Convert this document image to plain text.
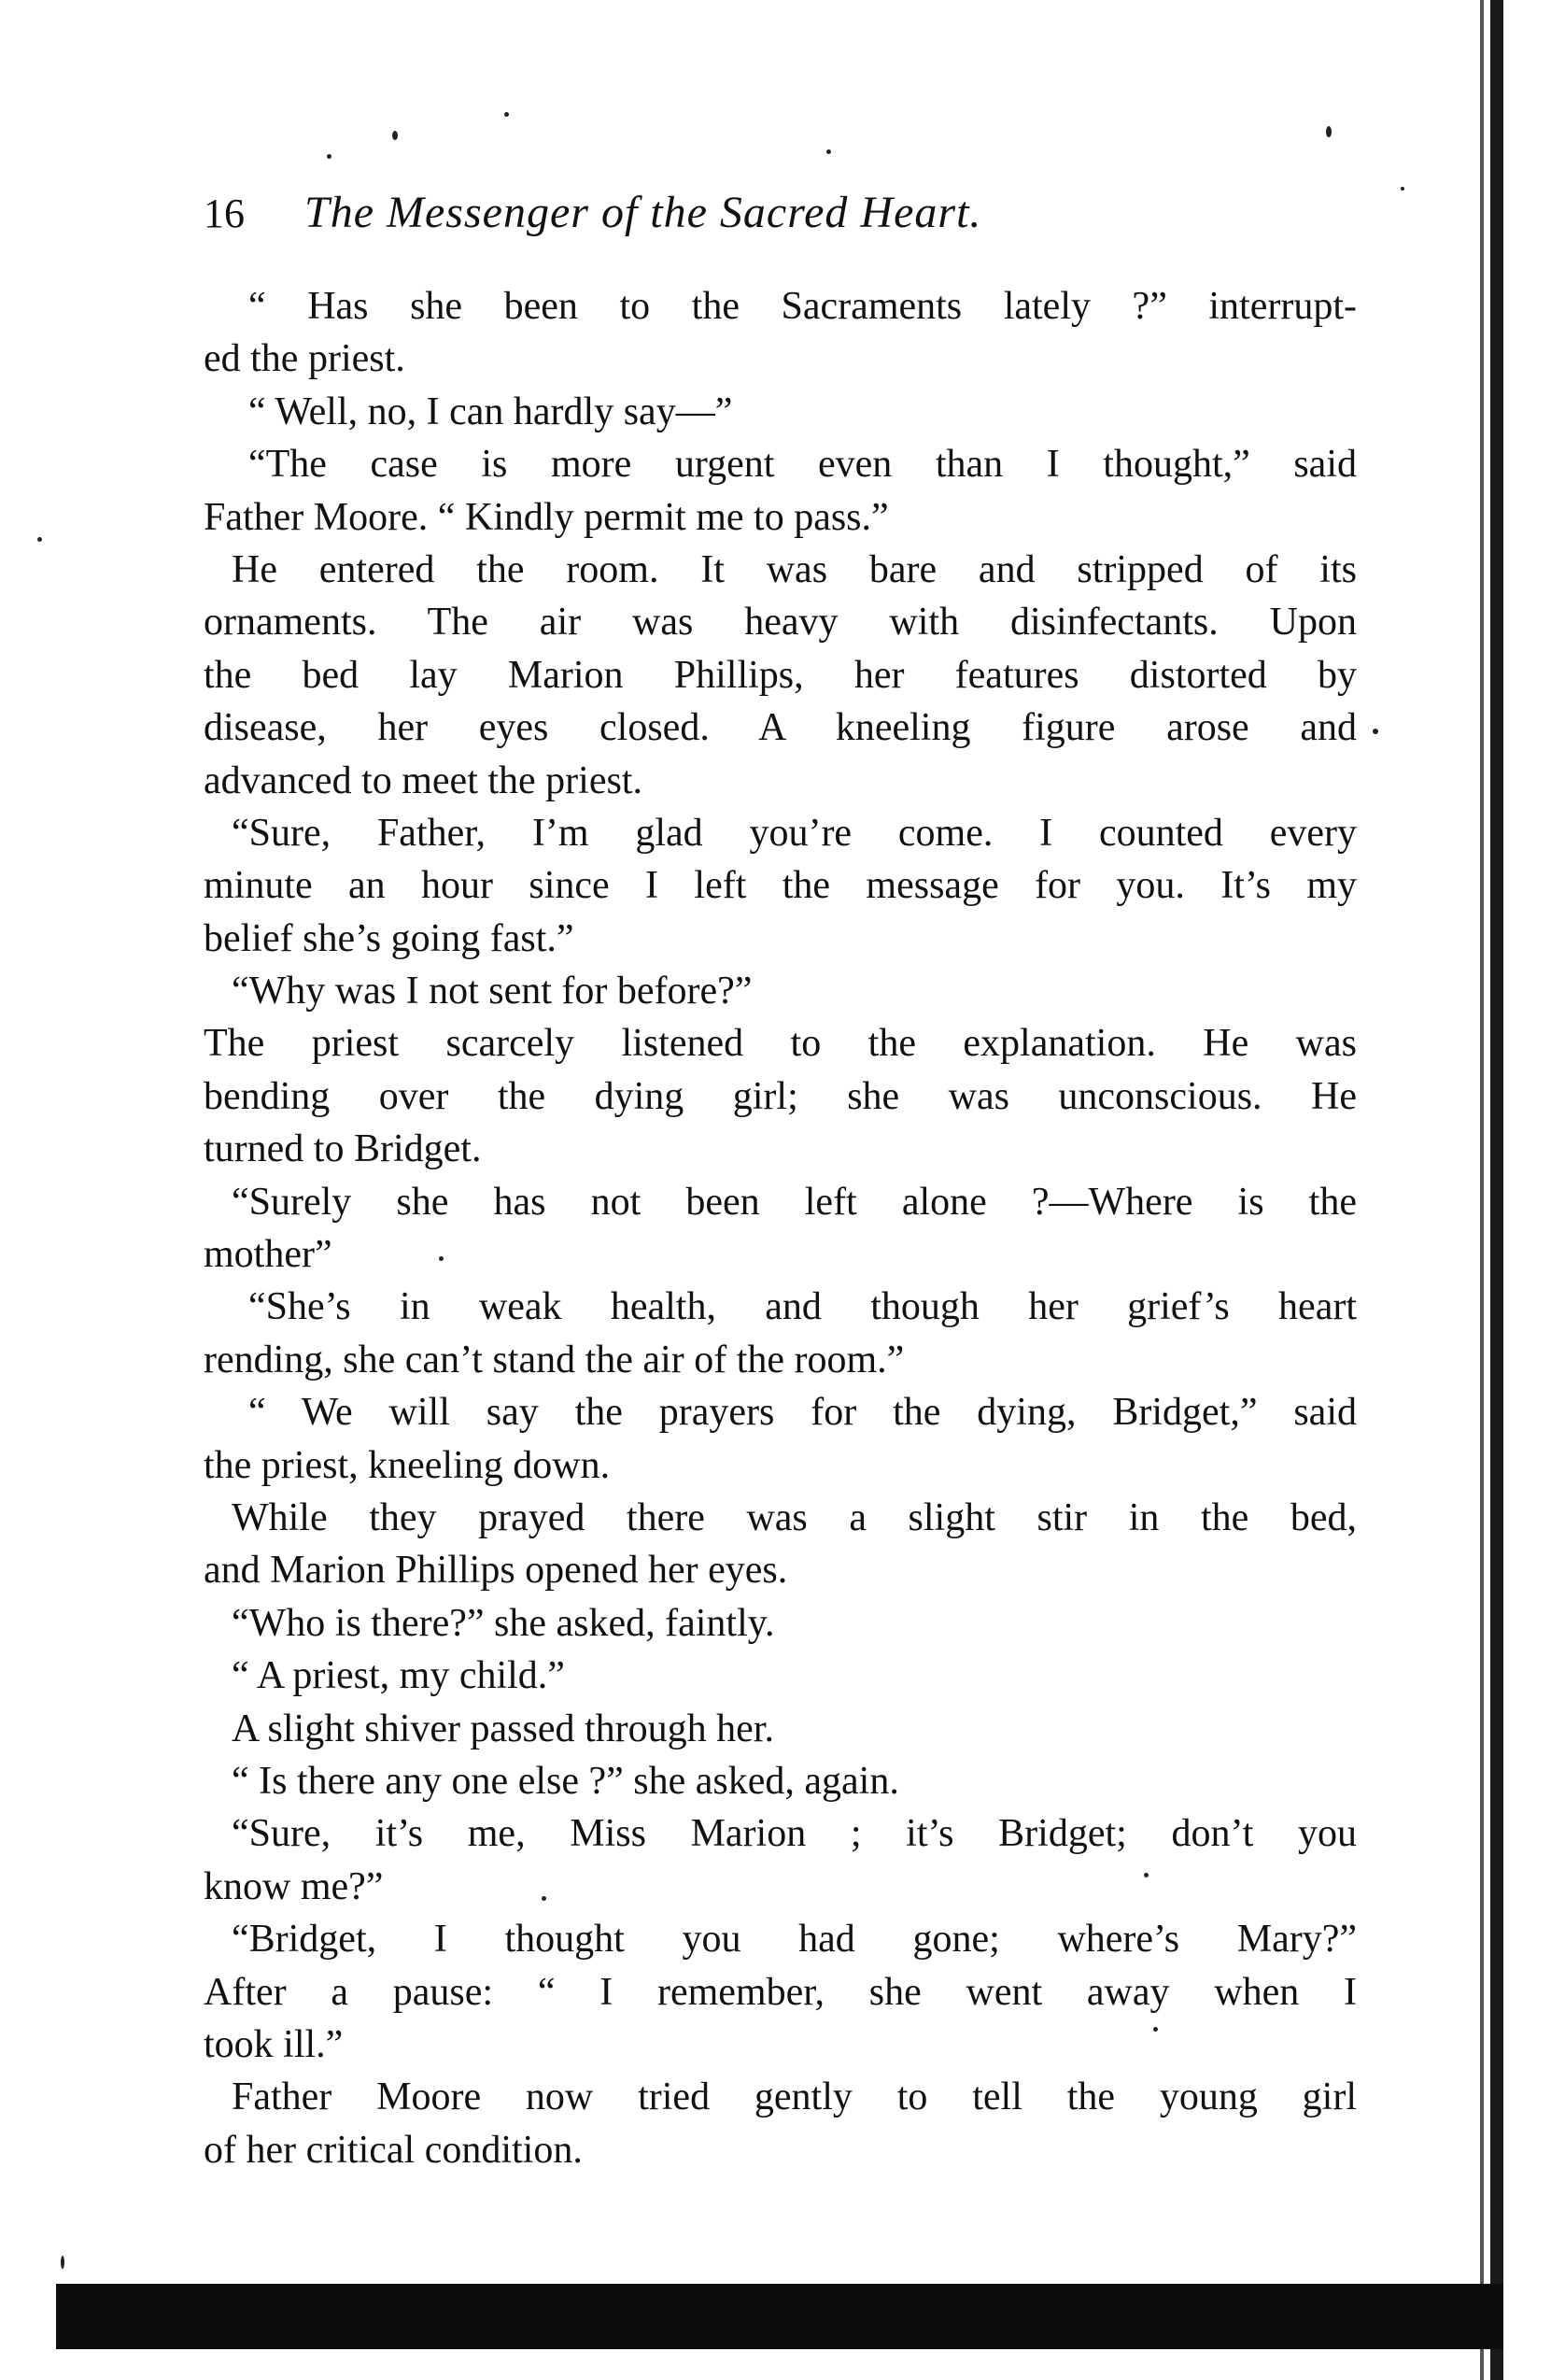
16 The Messenger of the Sacred Heart.
“ Has she been to the Sacraments lately ?” interrupt-
ed the priest.
“ Well, no, I can hardly say—”
“The case is more urgent even than I thought,” said
Father Moore. “ Kindly permit me to pass.”
He entered the room. It was bare and stripped of its
ornaments. The air was heavy with disinfectants. Upon
the bed lay Marion Phillips, her features distorted by
disease, her eyes closed. A kneeling figure arose and
advanced to meet the priest.
“Sure, Father, I’m glad you’re come. I counted every
minute an hour since I left the message for you. It’s my
belief she’s going fast.”
“Why was I not sent for before?”
The priest scarcely listened to the explanation. He was
bending over the dying girl; she was unconscious. He
turned to Bridget.
“Surely she has not been left alone ?—Where is the
mother”
“She’s in weak health, and though her grief’s heart
rending, she can’t stand the air of the room.”
“ We will say the prayers for the dying, Bridget,” said
the priest, kneeling down.
While they prayed there was a slight stir in the bed,
and Marion Phillips opened her eyes.
“Who is there?” she asked, faintly.
“ A priest, my child.”
A slight shiver passed through her.
“ Is there any one else ?” she asked, again.
“Sure, it’s me, Miss Marion ; it’s Bridget; don’t you
know me?”
“Bridget, I thought you had gone; where’s Mary?”
After a pause: “ I remember, she went away when I
took ill.”
Father Moore now tried gently to tell the young girl
of her critical condition.
